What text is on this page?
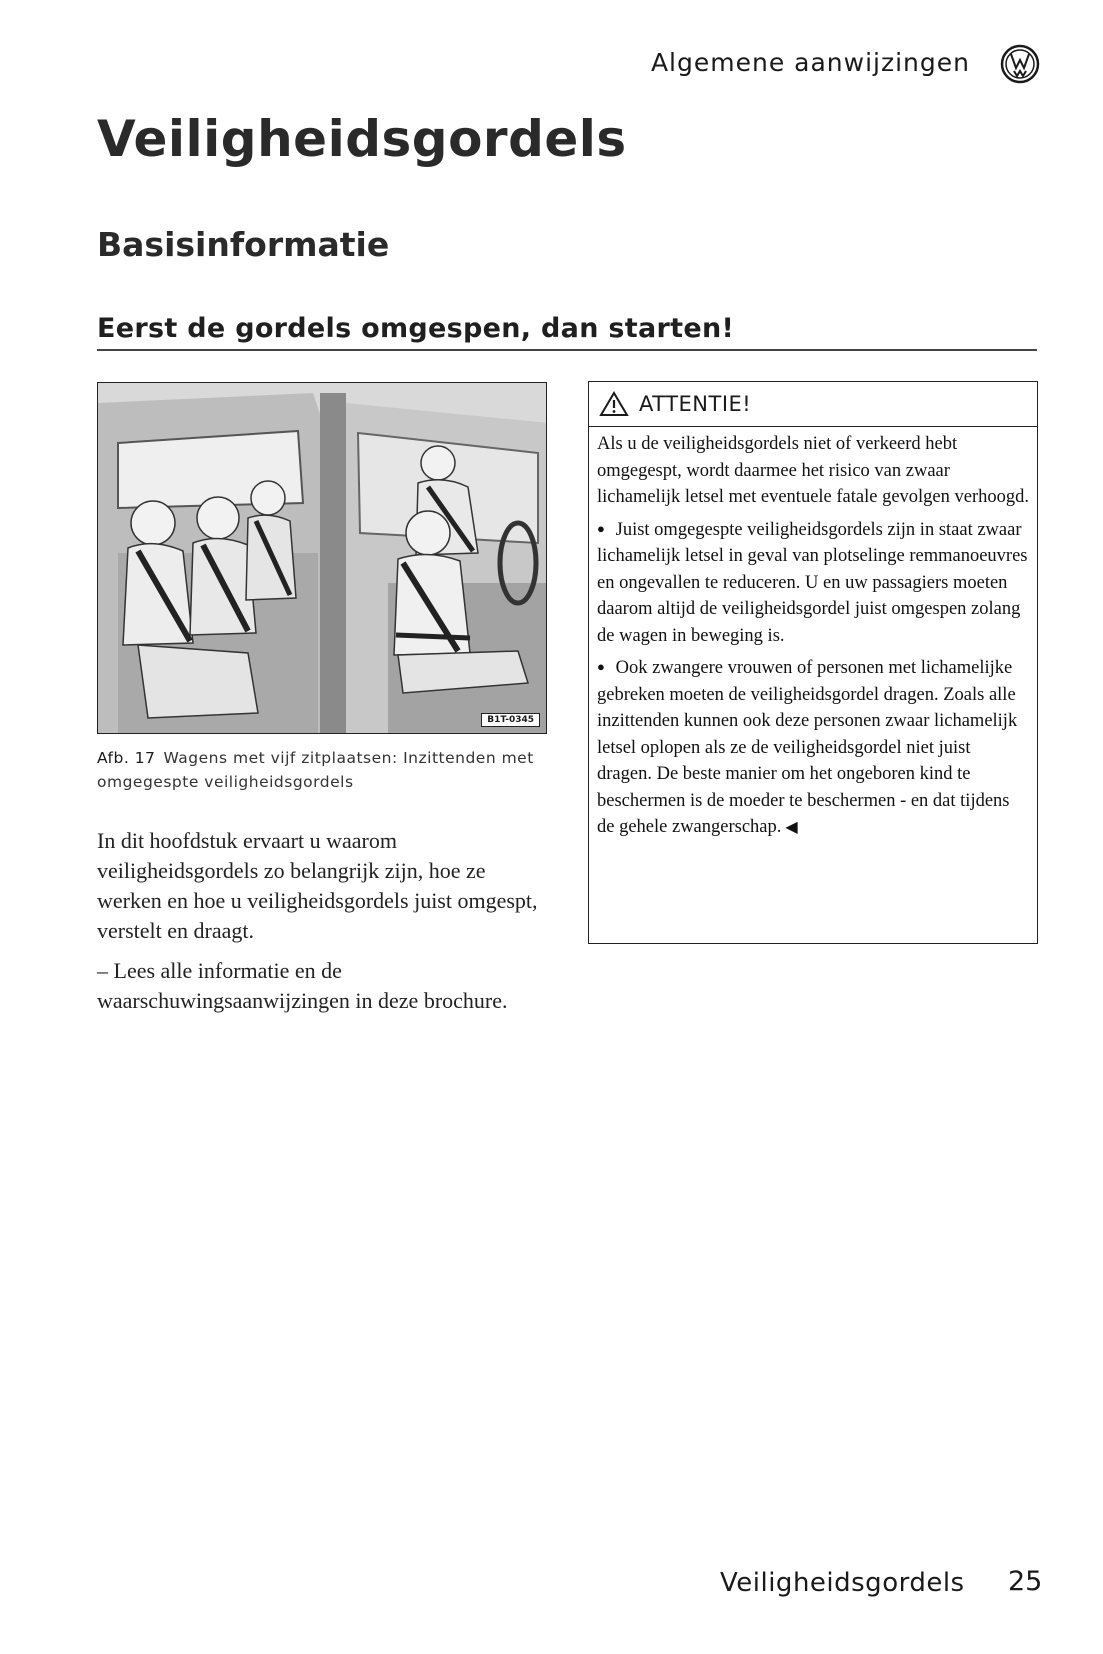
Algemene aanwijzingen
Veiligheidsgordels
Basisinformatie
Eerst de gordels omgespen, dan starten!
B1T-0345
Afb. 17 Wagens met vijf zitplaatsen: Inzittenden met omgegespte veiligheidsgordels

In dit hoofdstuk ervaart u waarom veiligheidsgordels zo belangrijk zijn, hoe ze werken en hoe u veiligheidsgordels juist omgespt, verstelt en draagt.

– Lees alle informatie en de waarschuwingsaanwijzingen in deze brochure.

ATTENTIE!

Als u de veiligheidsgordels niet of verkeerd hebt omgegespt, wordt daarmee het risico van zwaar lichamelijk letsel met eventuele fatale gevolgen verhoogd.

● Juist omgegespte veiligheidsgordels zijn in staat zwaar lichamelijk letsel in geval van plotselinge remmanoeuvres en ongevallen te reduceren. U en uw passagiers moeten daarom altijd de veiligheidsgordel juist omgespen zolang de wagen in beweging is.

● Ook zwangere vrouwen of personen met lichamelijke gebreken moeten de veiligheidsgordel dragen. Zoals alle inzittenden kunnen ook deze personen zwaar lichamelijk letsel oplopen als ze de veiligheidsgordel niet juist dragen. De beste manier om het ongeboren kind te beschermen is de moeder te beschermen - en dat tijdens de gehele zwangerschap. ◀

Veiligheidsgordels 25
